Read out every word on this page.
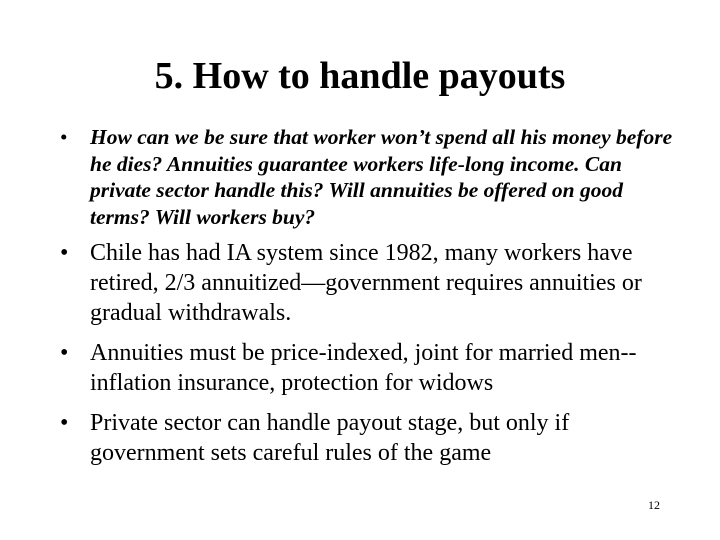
5. How to handle payouts
• How can we be sure that worker won’t spend all his money before he dies? Annuities guarantee workers life-long income. Can private sector handle this? Will annuities be offered on good terms? Will workers buy?
• Chile has had IA system since 1982, many workers have retired, 2/3 annuitized—government requires annuities or gradual withdrawals.
• Annuities must be price-indexed, joint for married men--inflation insurance, protection for widows
• Private sector can handle payout stage, but only if government sets careful rules of the game
12
